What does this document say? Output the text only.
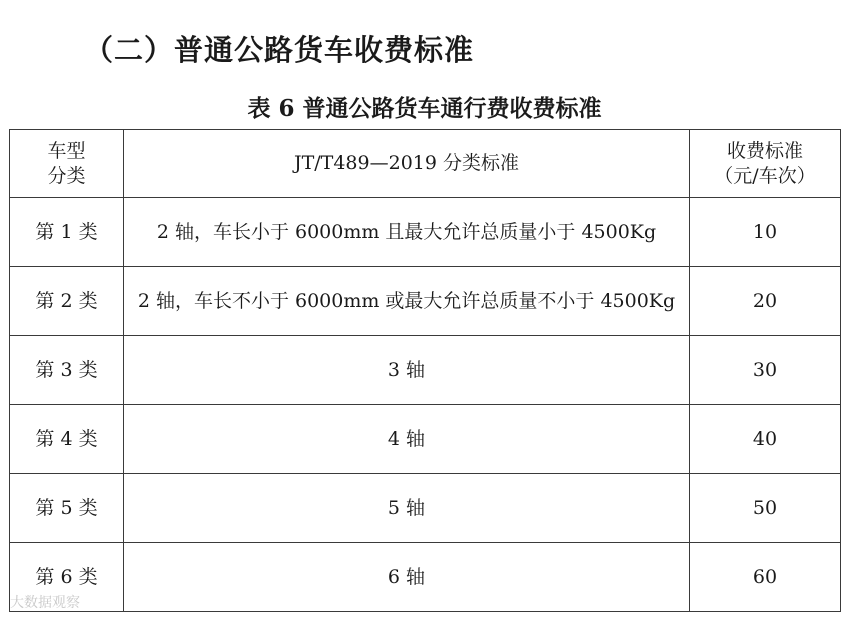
（二）普通公路货车收费标准
表 6 普通公路货车通行费收费标准
车型
分类	JT/T489—2019 分类标准	收费标准
（元/车次）
第 1 类	2 轴，车长小于 6000mm 且最大允许总质量小于 4500Kg	10
第 2 类	2 轴，车长不小于 6000mm 或最大允许总质量不小于 4500Kg	20
第 3 类	3 轴	30
第 4 类	4 轴	40
第 5 类	5 轴	50
第 6 类	6 轴	60
大数据观察
